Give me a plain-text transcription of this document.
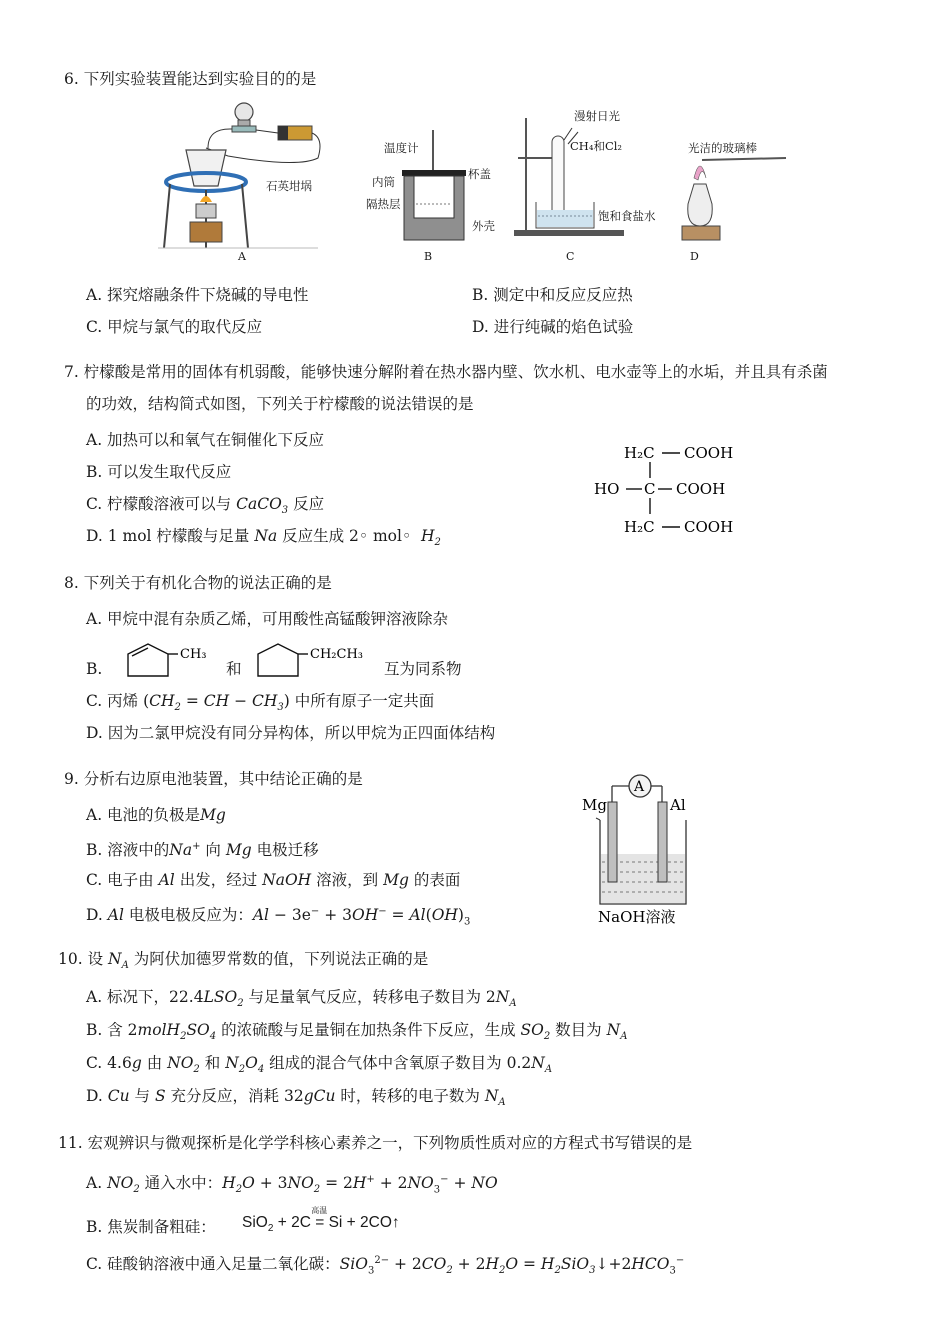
6. 下列实验装置能达到实验目的的是
石英坩埚
A
温度计
杯盖
内筒
隔热层
外壳
B
漫射日光
CH₄和Cl₂
饱和食盐水
C
光洁的玻璃棒
D
A. 探究熔融条件下烧碱的导电性	B. 测定中和反应反应热
C. 甲烷与氯气的取代反应	D. 进行纯碱的焰色试验
7. 柠檬酸是常用的固体有机弱酸，能够快速分解附着在热水器内壁、饮水机、电水壶等上的水垢，并且具有杀菌
的功效，结构简式如图，下列关于柠檬酸的说法错误的是
A. 加热可以和氧气在铜催化下反应
B. 可以发生取代反应
C. 柠檬酸溶液可以与 CaCO$_3$ 反应
D. 1 mol 柠檬酸与足量 Na 反应生成 2◦ mol◦ $H_2$
H₂C COOH
HO C COOH
H₂C COOH
8. 下列关于有机化合物的说法正确的是
A. 甲烷中混有杂质乙烯，可用酸性高锰酸钾溶液除杂
B.
CH₃
和
CH₂CH₃
互为同系物
C. 丙烯 ($CH_2$ = CH − $CH_3$) 中所有原子一定共面
D. 因为二氯甲烷没有同分异构体，所以甲烷为正四面体结构
9. 分析右边原电池装置，其中结论正确的是
A. 电池的负极是Mg
B. 溶液中的Na+ 向 Mg 电极迁移
C. 电子由 Al 出发，经过 NaOH 溶液，到 Mg 的表面
D. Al 电极电极反应为：$Al - 3e^- + 3OH^- = Al(OH)_3$
A
Mg	Al
NaOH溶液
10. 设 $N_A$ 为阿伏加德罗常数的值，下列说法正确的是
A. 标况下，$22.4LSO_2$ 与足量氧气反应，转移电子数目为 $2N_A$
B. 含 $2molH_2SO_4$ 的浓硫酸与足量铜在加热条件下反应，生成 $SO_2$ 数目为 $N_A$
C. 4.6g 由 $NO_2$ 和 $N_2O_4$ 组成的混合气体中含氧原子数目为 $0.2N_A$
D. Cu 与 S 充分反应，消耗 32gCu 时，转移的电子数为 $N_A$
11. 宏观辨识与微观探析是化学学科核心素养之一，下列物质性质对应的方程式书写错误的是
A. $NO_2$ 通入水中：$H_2O + 3NO_2 = 2H^+ + 2NO_3^-$ + NO
B. 焦炭制备粗硅： SiO$_2$ + 2C =
高温
Si + 2CO↑
C. 硅酸钠溶液中通入足量二氧化碳：$SiO_3^{2-} + 2CO_2 + 2H_2O$ = $H_2SiO_3↓+2HCO_3^-$
